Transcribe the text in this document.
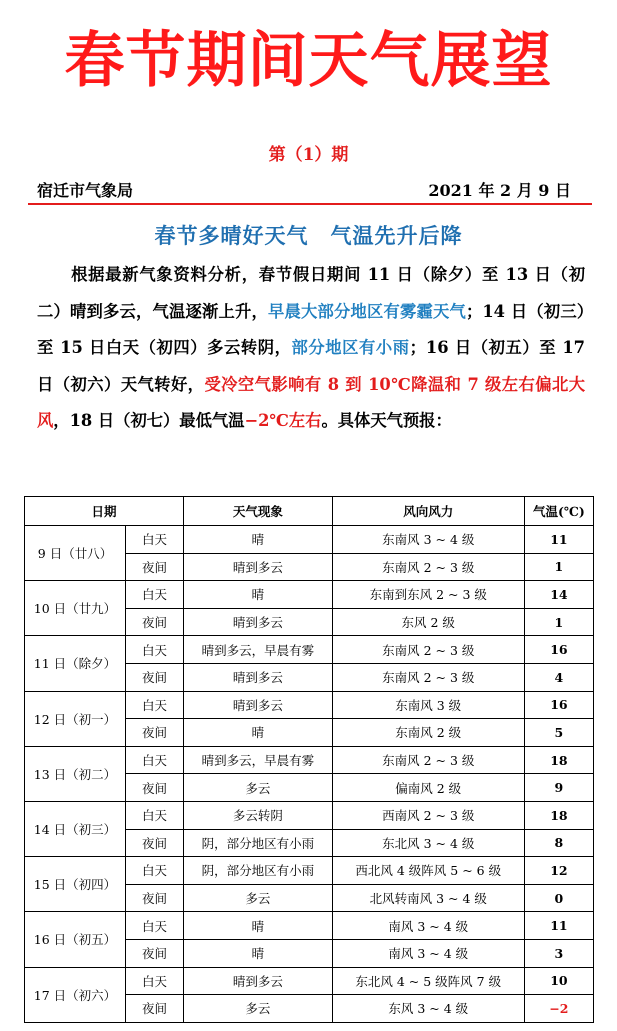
春节期间天气展望
第（1）期
宿迁市气象局	2021 年 2 月 9 日
春节多晴好天气　气温先升后降
　　根据最新气象资料分析，春节假日期间 11 日（除夕）至 13 日（初二）晴到多云，气温逐渐上升，早晨大部分地区有雾霾天气；14 日（初三）至 15 日白天（初四）多云转阴，部分地区有小雨；16 日（初五）至 17 日（初六）天气转好，受冷空气影响有 8 到 10℃降温和 7 级左右偏北大风，18 日（初七）最低气温−2℃左右。具体天气预报：
日期		天气现象	风向风力	气温(℃)
9 日（廿八）	白天	晴	东南风 3 ~ 4 级	11
	夜间	晴到多云	东南风 2 ~ 3 级	1
10 日（廿九）	白天	晴	东南到东风 2 ~ 3 级	14
	夜间	晴到多云	东风 2 级	1
11 日（除夕）	白天	晴到多云，早晨有雾	东南风 2 ~ 3 级	16
	夜间	晴到多云	东南风 2 ~ 3 级	4
12 日（初一）	白天	晴到多云	东南风 3 级	16
	夜间	晴	东南风 2 级	5
13 日（初二）	白天	晴到多云，早晨有雾	东南风 2 ~ 3 级	18
	夜间	多云	偏南风 2 级	9
14 日（初三）	白天	多云转阴	西南风 2 ~ 3 级	18
	夜间	阴，部分地区有小雨	东北风 3 ~ 4 级	8
15 日（初四）	白天	阴，部分地区有小雨	西北风 4 级阵风 5 ~ 6 级	12
	夜间	多云	北风转南风 3 ~ 4 级	0
16 日（初五）	白天	晴	南风 3 ~ 4 级	11
	夜间	晴	南风 3 ~ 4 级	3
17 日（初六）	白天	晴到多云	东北风 4 ~ 5 级阵风 7 级	10
	夜间	多云	东风 3 ~ 4 级	−2
